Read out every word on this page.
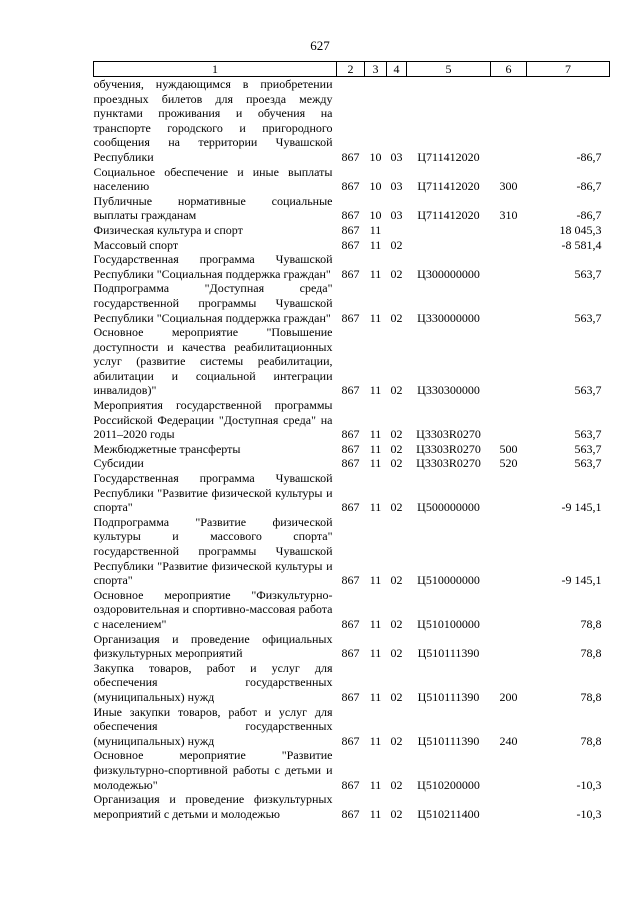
627
1	2	3	4	5	6	7
обучения, нуждающимся в приобретении проездных билетов для проезда между пунктами проживания и обучения на транспорте городского и пригородного сообщения на территории Чувашской Республики	867	10	03	Ц711412020		-86,7
Социальное обеспечение и иные выплаты населению	867	10	03	Ц711412020	300	-86,7
Публичные нормативные социальные выплаты гражданам	867	10	03	Ц711412020	310	-86,7
Физическая культура и спорт	867	11				18 045,3
Массовый спорт	867	11	02			-8 581,4
Государственная программа Чувашской Республики "Социальная поддержка граждан"	867	11	02	Ц300000000		563,7
Подпрограмма "Доступная среда" государственной программы Чувашской Республики "Социальная поддержка граждан"	867	11	02	Ц330000000		563,7
Основное мероприятие "Повышение доступности и качества реабилитационных услуг (развитие системы реабилитации, абилитации и социальной интеграции инвалидов)"	867	11	02	Ц330300000		563,7
Мероприятия государственной программы Российской Федерации "Доступная среда" на 2011–2020 годы	867	11	02	Ц3303R0270		563,7
Межбюджетные трансферты	867	11	02	Ц3303R0270	500	563,7
Субсидии	867	11	02	Ц3303R0270	520	563,7
Государственная программа Чувашской Республики "Развитие физической культуры и спорта"	867	11	02	Ц500000000		-9 145,1
Подпрограмма "Развитие физической культуры и массового спорта" государственной программы Чувашской Республики "Развитие физической культуры и спорта"	867	11	02	Ц510000000		-9 145,1
Основное мероприятие "Физкультурно-оздоровительная и спортивно-массовая работа с населением"	867	11	02	Ц510100000		78,8
Организация и проведение официальных физкультурных мероприятий	867	11	02	Ц510111390		78,8
Закупка товаров, работ и услуг для обеспечения государственных (муниципальных) нужд	867	11	02	Ц510111390	200	78,8
Иные закупки товаров, работ и услуг для обеспечения государственных (муниципальных) нужд	867	11	02	Ц510111390	240	78,8
Основное мероприятие "Развитие физкультурно-спортивной работы с детьми и молодежью"	867	11	02	Ц510200000		-10,3
Организация и проведение физкультурных мероприятий с детьми и молодежью	867	11	02	Ц510211400		-10,3
